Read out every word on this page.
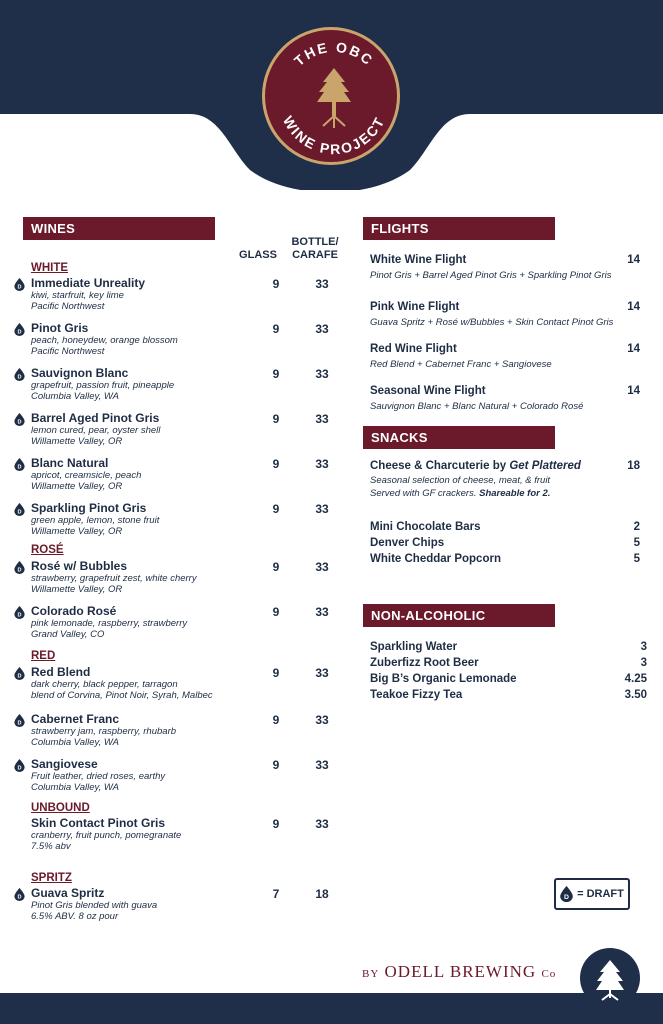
THE OBC
WINE PROJECT
WINES
GLASS
BOTTLE/
CARAFE
WHITE
ROSÉ
RED
UNBOUND
SPRITZ
D Immediate Unreality
kiwi, starfruit, key lime
Pacific Northwest
9	33
D Pinot Gris
peach, honeydew, orange blossom
Pacific Northwest
9	33
D Sauvignon Blanc
grapefruit, passion fruit, pineapple
Columbia Valley, WA
9	33
D Barrel Aged Pinot Gris
lemon cured, pear, oyster shell
Willamette Valley, OR
9	33
D Blanc Natural
apricot, creamsicle, peach
Willamette Valley, OR
9	33
D Sparkling Pinot Gris
green apple, lemon, stone fruit
Willamette Valley, OR
9	33
D Rosé w/ Bubbles
strawberry, grapefruit zest, white cherry
Willamette Valley, OR
9	33
D Colorado Rosé
pink lemonade, raspberry, strawberry
Grand Valley, CO
9	33
D Red Blend
dark cherry, black pepper, tarragon
blend of Corvina, Pinot Noir, Syrah, Malbec
9	33
D Cabernet Franc
strawberry jam, raspberry, rhubarb
Columbia Valley, WA
9	33
D Sangiovese
Fruit leather, dried roses, earthy
Columbia Valley, WA
9	33
Skin Contact Pinot Gris
cranberry, fruit punch, pomegranate
7.5% abv
9	33
D Guava Spritz
Pinot Gris blended with guava
6.5% ABV. 8 oz pour
7	18
FLIGHTS
White Wine Flight	14
Pinot Gris + Barrel Aged Pinot Gris + Sparkling Pinot Gris
Pink Wine Flight	14
Guava Spritz + Rosé w/Bubbles + Skin Contact Pinot Gris
Red Wine Flight	14
Red Blend + Cabernet Franc + Sangiovese
Seasonal Wine Flight	14
Sauvignon Blanc + Blanc Natural + Colorado Rosé
SNACKS
Cheese & Charcuterie by Get Plattered	18
Seasonal selection of cheese, meat, & fruit
Served with GF crackers. Shareable for 2.
Mini Chocolate Bars	2
Denver Chips	5
White Cheddar Popcorn	5
NON-ALCOHOLIC
Sparkling Water	3
Zuberfizz Root Beer	3
Big B’s Organic Lemonade	4.25
Teakoe Fizzy Tea	3.50
D = DRAFT
BY ODELL BREWING Co
